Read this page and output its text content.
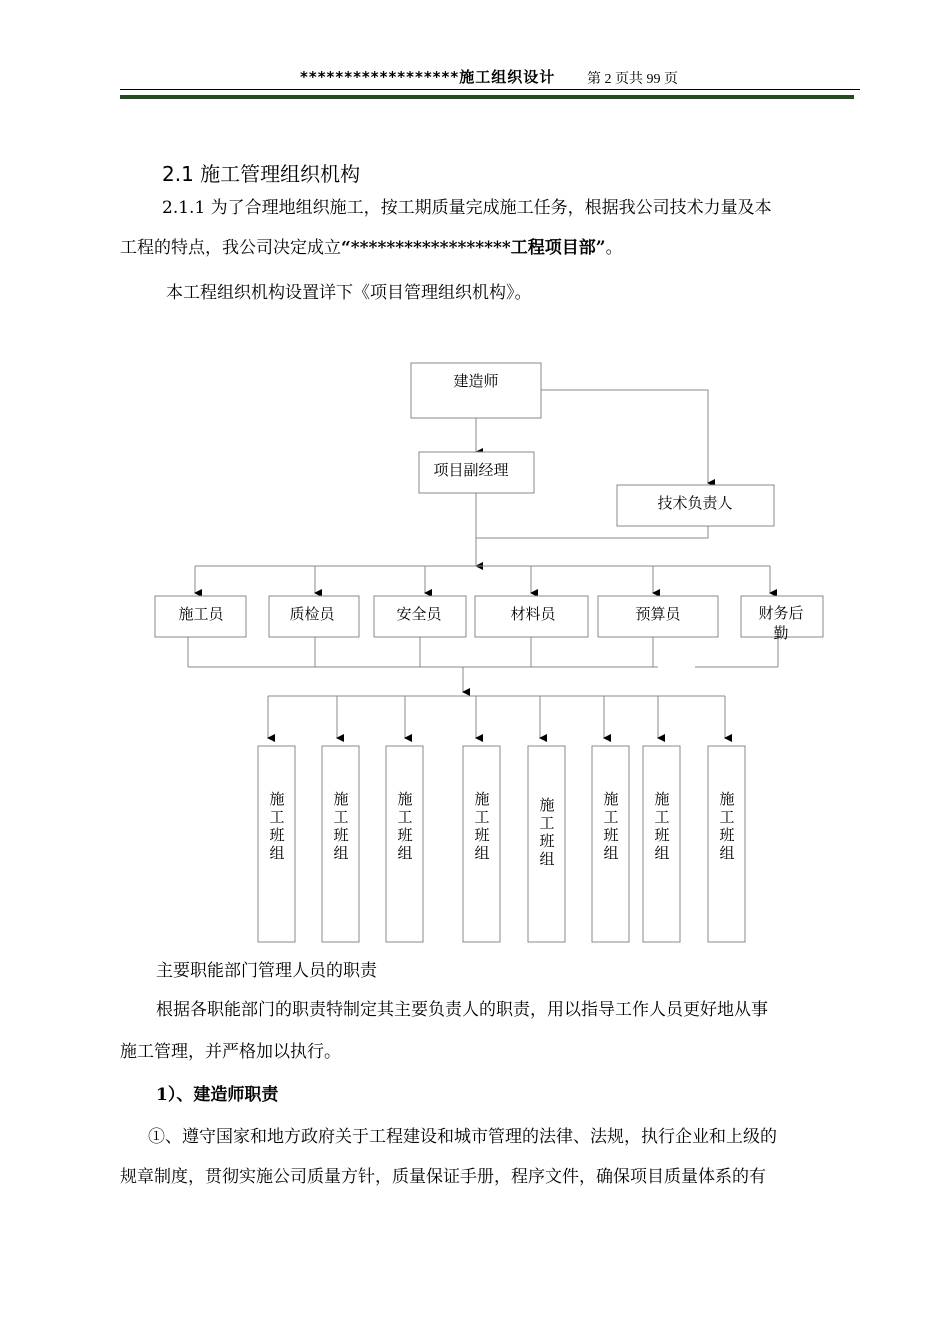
******************施工组织设计 第 2 页共 99 页
2.1 施工管理组织机构
2.1.1 为了合理地组织施工，按工期质量完成施工任务，根据我公司技术力量及本
工程的特点，我公司决定成立“******************工程项目部”。
本工程组织机构设置详下《项目管理组织机构》。
建造师
项目副经理
技术负责人
施工员	质检员	安全员	材料员	预算员	财务后
勤
施工班组
施工班组
施工班组
施工班组
施工班组
施工班组
施工班组
施工班组
主要职能部门管理人员的职责
根据各职能部门的职责特制定其主要负责人的职责，用以指导工作人员更好地从事
施工管理，并严格加以执行。
1）、建造师职责
①、遵守国家和地方政府关于工程建设和城市管理的法律、法规，执行企业和上级的
规章制度，贯彻实施公司质量方针，质量保证手册，程序文件，确保项目质量体系的有
